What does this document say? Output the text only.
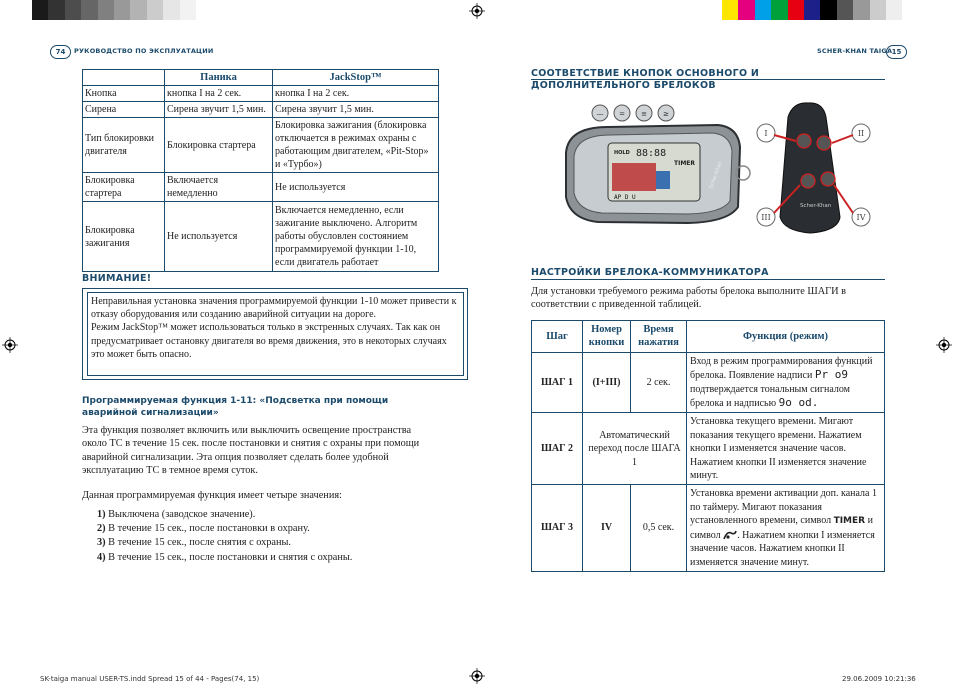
74	РУКОВОДСТВО ПО ЭКСПЛУАТАЦИИ	SCHER-KHAN TAIGA 15
	Паника	JackStop™
Кнопка	кнопка I на 2 сек.	кнопка I на 2 сек.
Сирена	Сирена звучит 1,5 мин.	Сирена звучит 1,5 мин.
Тип блокировки двигателя	Блокировка стартера	Блокировка зажигания (блокировка отключается в режимах охраны с работающим двигателем, «Pit-Stop» и «Турбо»)
Блокировка стартера	Включается немедленно	Не используется
Блокировка зажигания	Не используется	Включается немедленно, если зажигание выключено. Алгоритм работы обусловлен состоянием программируемой функции 1-10, если двигатель работает
ВНИМАНИЕ!
Неправильная установка значения программируемой функции 1-10 может привести к отказу оборудования или созданию аварийной ситуации на дороге.
Режим JackStop™ может использоваться только в экстренных случаях. Так как он предусматривает остановку двигателя во время движения, это в некоторых случаях это может быть опасно.
Программируемая функция 1-11: «Подсветка при помощи аварийной сигнализации»
Эта функция позволяет включить или выключить освещение пространства около ТС в течение 15 сек. после постановки и снятия с охраны при помощи аварийной сигнализации. Эта опция позволяет сделать более удобной эксплуатацию ТС в темное время суток.
Данная программируемая функция имеет четыре значения:
1) Выключена (заводское значение).
2) В течение 15 сек., после постановки в охрану.
3) В течение 15 сек., после снятия с охраны.
4) В течение 15 сек., после постановки и снятия с охраны.
СООТВЕТСТВИЕ КНОПОК ОСНОВНОГО И
ДОПОЛНИТЕЛЬНОГО БРЕЛОКОВ
— = ≡ ≥
HOLD 88:88
TIMER
AP D U
Scher-Khan
Scher-Khan
I	II
III	IV
НАСТРОЙКИ БРЕЛОКА-КОММУНИКАТОРА
Для установки требуемого режима работы брелока выполните ШАГИ в соответствии с приведенной таблицей.
Шаг	Номер кнопки	Время нажатия	Функция (режим)
ШАГ 1	(I+III)	2 сек.	Вход в режим программирования функций брелока. Появление надписи Pr o9 подтверждается тональным сигналом брелока и надписью 9o od.
ШАГ 2	Автоматический переход после ШАГА 1		Установка текущего времени. Мигают показания текущего времени. Нажатием кнопки I изменяется значение часов. Нажатием кнопки II изменяется значение минут.
ШАГ 3	IV	0,5 сек.	Установка времени активации доп. канала 1 по таймеру. Мигают показания установленного времени, символ TIMER и символ . Нажатием кнопки I изменяется значение часов. Нажатием кнопки II изменяется значение минут.
SK-taiga manual USER-TS.indd Spread 15 of 44 - Pages(74, 15)	29.06.2009 10:21:36
